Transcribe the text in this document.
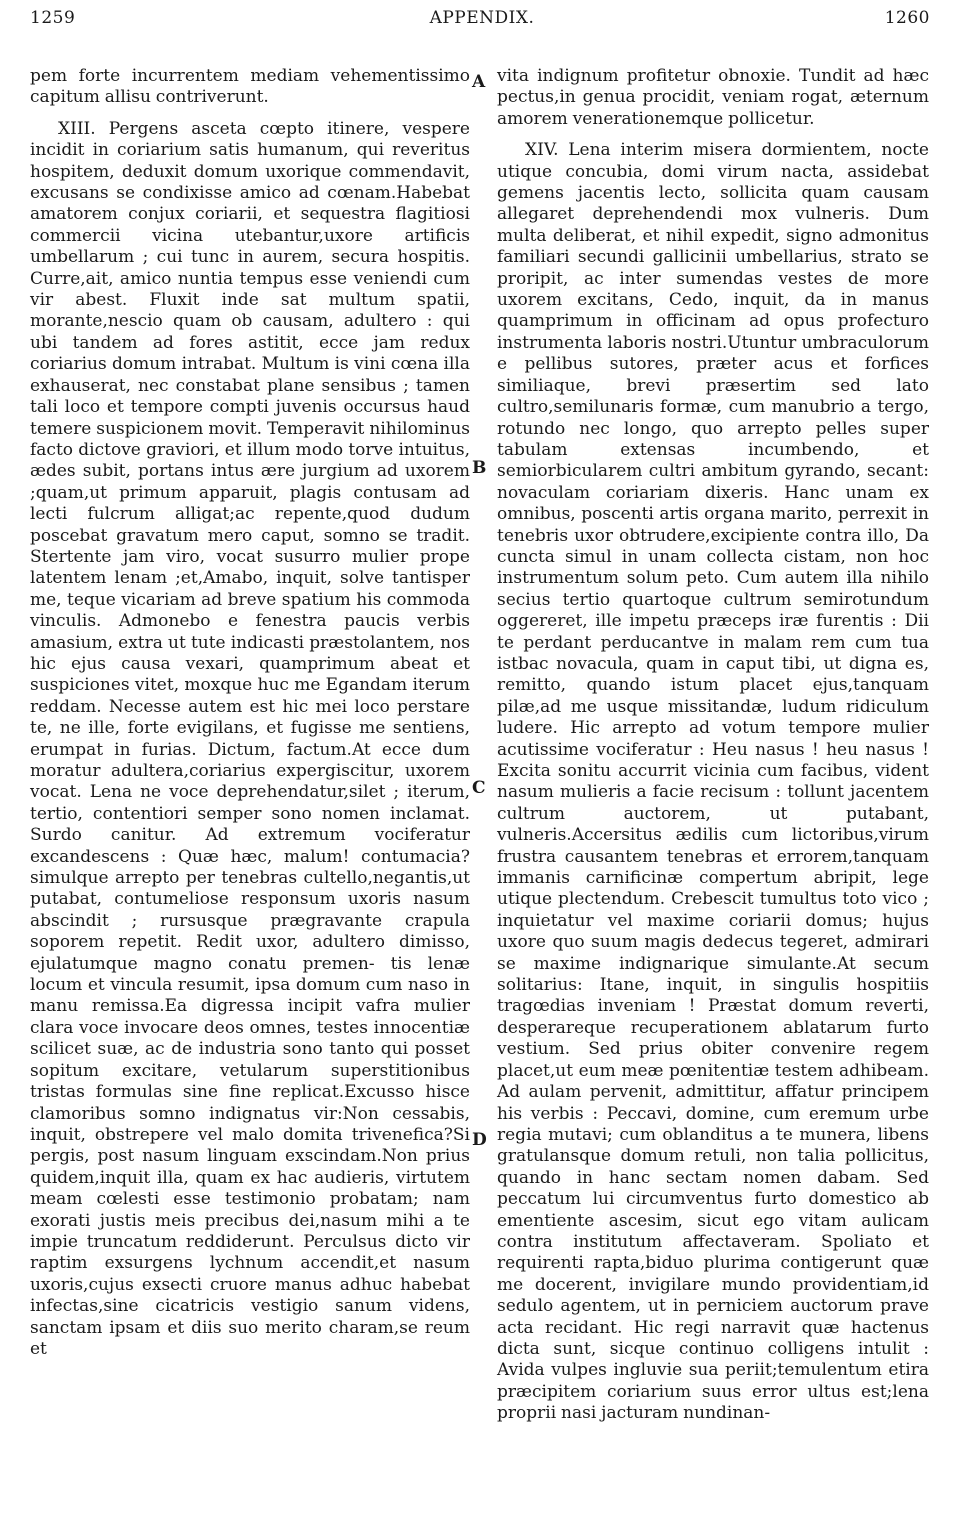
1259	APPENDIX.	1260
A
B
C
D

pem forte incurrentem mediam vehementissimo capitum allisu contriverunt.

XIII. Pergens asceta cœpto itinere, vespere incidit in coriarium satis humanum, qui reveritus hospitem, deduxit domum uxorique commendavit, excusans se condixisse amico ad cœnam.Habebat amatorem conjux coriarii, et sequestra flagitiosi commercii vicina utebantur,uxore artificis umbellarum ; cui tunc in aurem, secura hospitis. Curre,ait, amico nuntia tempus esse veniendi cum vir abest. Fluxit inde sat multum spatii, morante,nescio quam ob causam, adultero : qui ubi tandem ad fores astitit, ecce jam redux coriarius domum intrabat. Multum is vini cœna illa exhauserat, nec constabat plane sensibus ; tamen tali loco et tempore compti juvenis occursus haud temere suspicionem movit. Temperavit nihilominus facto dictove graviori, et illum modo torve intuitus, ædes subit, portans intus ære jurgium ad uxorem ;quam,ut primum apparuit, plagis contusam ad lecti fulcrum alligat;ac repente,quod dudum poscebat gravatum mero caput, somno se tradit. Stertente jam viro, vocat susurro mulier prope latentem lenam ;et,Amabo, inquit, solve tantisper me, teque vicariam ad breve spatium his commoda vinculis. Admonebo e fenestra paucis verbis amasium, extra ut tute indicasti præstolantem, nos hic ejus causa vexari, quamprimum abeat et suspiciones vitet, moxque huc me Egandam iterum reddam. Necesse autem est hic mei loco perstare te, ne ille, forte evigilans, et fugisse me sentiens, erumpat in furias. Dictum, factum.At ecce dum moratur adultera,coriarius expergiscitur, uxorem vocat. Lena ne voce deprehendatur,silet ; iterum, tertio, contentiori semper sono nomen inclamat. Surdo canitur. Ad extremum vociferatur excandescens : Quæ hæc, malum! contumacia? simulque arrepto per tenebras cultello,negantis,ut putabat, contumeliose responsum uxoris nasum abscindit ; rursusque prægravante crapula soporem repetit. Redit uxor, adultero dimisso, ejulatumque magno conatu premen- tis lenæ locum et vincula resumit, ipsa domum cum naso in manu remissa.Ea digressa incipit vafra mulier clara voce invocare deos omnes, testes innocentiæ scilicet suæ, ac de industria sono tanto qui posset sopitum excitare, vetularum superstitionibus tristas formulas sine fine replicat.Excusso hisce clamoribus somno indignatus vir:Non cessabis, inquit, obstrepere vel malo domita trivenefica?Si pergis, post nasum linguam exscindam.Non prius quidem,inquit illa, quam ex hac audieris, virtutem meam cœlesti esse testimonio probatam; nam exorati justis meis precibus dei,nasum mihi a te impie truncatum reddiderunt. Perculsus dicto vir raptim exsurgens lychnum accendit,et nasum uxoris,cujus exsecti cruore manus adhuc habebat infectas,sine cicatricis vestigio sanum videns, sanctam ipsam et diis suo merito charam,se reum et

vita indignum profitetur obnoxie. Tundit ad hæc pectus,in genua procidit, veniam rogat, æternum amorem venerationemque pollicetur.

XIV. Lena interim misera dormientem, nocte utique concubia, domi virum nacta, assidebat gemens jacentis lecto, sollicita quam causam allegaret deprehendendi mox vulneris. Dum multa deliberat, et nihil expedit, signo admonitus familiari secundi gallicinii umbellarius, strato se proripit, ac inter sumendas vestes de more uxorem excitans, Cedo, inquit, da in manus quamprimum in officinam ad opus profecturo instrumenta laboris nostri.Utuntur umbraculorum e pellibus sutores, præter acus et forfices similiaque, brevi præsertim sed lato cultro,semilunaris formæ, cum manubrio a tergo, rotundo nec longo, quo arrepto pelles super tabulam extensas incumbendo, et semiorbicularem cultri ambitum gyrando, secant: novaculam coriariam dixeris. Hanc unam ex omnibus, poscenti artis organa marito, perrexit in tenebris uxor obtrudere,excipiente contra illo, Da cuncta simul in unam collecta cistam, non hoc instrumentum solum peto. Cum autem illa nihilo secius tertio quartoque cultrum semirotundum oggereret, ille impetu præceps iræ furentis : Dii te perdant perducantve in malam rem cum tua istbac novacula, quam in caput tibi, ut digna es, remitto, quando istum placet ejus,tanquam pilæ,ad me usque missitandæ, ludum ridiculum ludere. Hic arrepto ad votum tempore mulier acutissime vociferatur : Heu nasus ! heu nasus ! Excita sonitu accurrit vicinia cum facibus, vident nasum mulieris a facie recisum : tollunt jacentem cultrum auctorem, ut putabant, vulneris.Accersitus ædilis cum lictoribus,virum frustra causantem tenebras et errorem,tanquam immanis carnificinæ compertum abripit, lege utique plectendum. Crebescit tumultus toto vico ; inquietatur vel maxime coriarii domus; hujus uxore quo suum magis dedecus tegeret, admirari se maxime indignarique simulante.At secum solitarius: Itane, inquit, in singulis hospitiis tragœdias inveniam ! Præstat domum reverti, desperareque recuperationem ablatarum furto vestium. Sed prius obiter convenire regem placet,ut eum meæ pœnitentiæ testem adhibeam. Ad aulam pervenit, admittitur, affatur principem his verbis : Peccavi, domine, cum eremum urbe regia mutavi; cum oblanditus a te munera, libens gratulansque domum retuli, non talia pollicitus, quando in hanc sectam nomen dabam. Sed peccatum lui circumventus furto domestico ab ementiente ascesim, sicut ego vitam aulicam contra institutum affectaveram. Spoliato et requirenti rapta,biduo plurima contigerunt quæ me docerent, invigilare mundo providentiam,id sedulo agentem, ut in perniciem auctorum prave acta recidant. Hic regi narravit quæ hactenus dicta sunt, sicque continuo colligens intulit : Avida vulpes ingluvie sua periit;temulentum etira præcipitem coriarium suus error ultus est;lena proprii nasi jacturam nundinan-
